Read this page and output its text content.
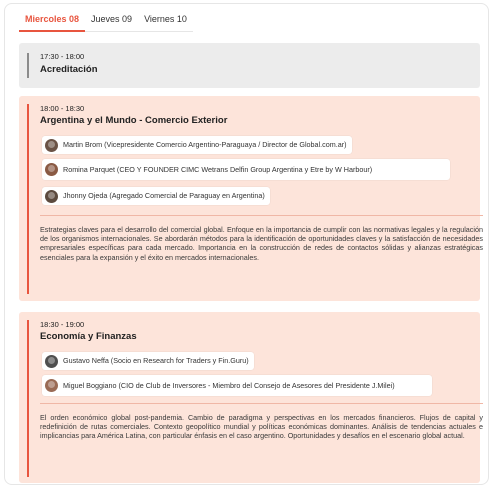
Miercoles 08	Jueves 09	Viernes 10
17:30 - 18:00
Acreditación
18:00 - 18:30
Argentina y el Mundo - Comercio Exterior
Martin Brom (Vicepresidente Comercio Argentino-Paraguaya / Director de Global.com.ar)
Romina Parquet (CEO Y FOUNDER CIMC Wetrans Delfin Group Argentina y Etre by W Harbour)
Jhonny Ojeda (Agregado Comercial de Paraguay en Argentina)
Estrategias claves para el desarrollo del comercial global. Enfoque en la importancia de cumplir con las normativas legales y la regulación de los organismos internacionales. Se abordarán métodos para la identificación de oportunidades claves y la satisfacción de necesidades empresariales específicas para cada mercado. Importancia en la construcción de redes de contactos sólidas y alianzas estratégicas esenciales para la expansión y el éxito en mercados internacionales.
18:30 - 19:00
Economía y Finanzas
Gustavo Neffa (Socio en Research for Traders y Fin.Guru)
Miguel Boggiano (CIO de Club de Inversores - Miembro del Consejo de Asesores del Presidente J.Milei)
El orden económico global post-pandemia. Cambio de paradigma y perspectivas en los mercados financieros. Flujos de capital y redefinición de rutas comerciales. Contexto geopolítico mundial y políticas económicas dominantes. Análisis de tendencias actuales e implicancias para América Latina, con particular énfasis en el caso argentino. Oportunidades y desafíos en el escenario global actual.
